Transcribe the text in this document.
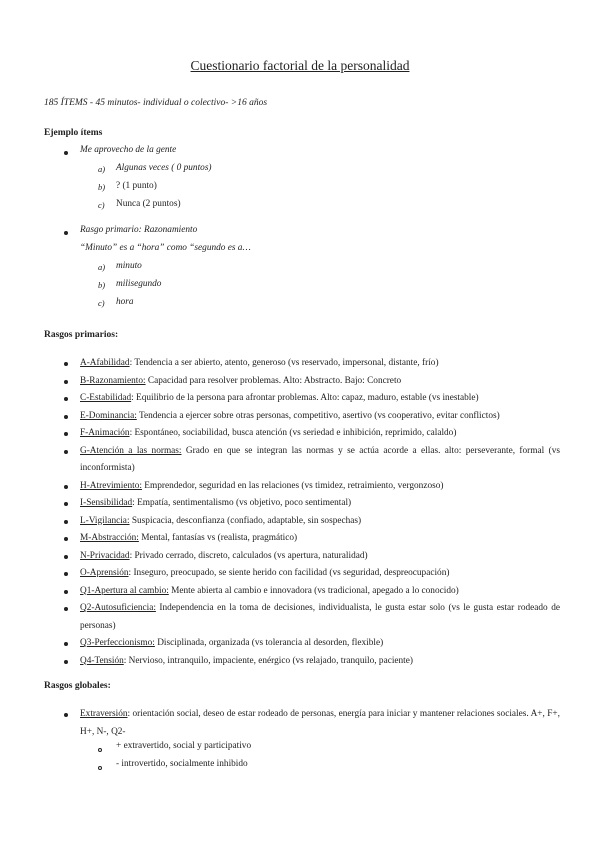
Cuestionario factorial de la personalidad
185 ÍTEMS - 45 minutos- individual o colectivo- >16 años
Ejemplo ítems
Me aprovecho de la gente
a) Algunas veces ( 0 puntos)
b) ? (1 punto)
c) Nunca (2 puntos)
Rasgo primario: Razonamiento
“Minuto” es a “hora” como “segundo es a…
a) minuto
b) milisegundo
c) hora
Rasgos primarios:
A-Afabilidad: Tendencia a ser abierto, atento, generoso (vs reservado, impersonal, distante, frío)
B-Razonamiento: Capacidad para resolver problemas. Alto: Abstracto. Bajo: Concreto
C-Estabilidad: Equilibrio de la persona para afrontar problemas. Alto: capaz, maduro, estable (vs inestable)
E-Dominancia: Tendencia a ejercer sobre otras personas, competitivo, asertivo (vs cooperativo, evitar conflictos)
F-Animación: Espontáneo, sociabilidad, busca atención (vs seriedad e inhibición, reprimido, calaldo)
G-Atención a las normas: Grado en que se integran las normas y se actúa acorde a ellas. alto: perseverante, formal (vs inconformista)
H-Atrevimiento: Emprendedor, seguridad en las relaciones (vs timidez, retraimiento, vergonzoso)
I-Sensibilidad: Empatía, sentimentalismo (vs objetivo, poco sentimental)
L-Vigilancia: Suspicacia, desconfianza (confiado, adaptable, sin sospechas)
M-Abstracción: Mental, fantasías vs (realista, pragmático)
N-Privacidad: Privado cerrado, discreto, calculados (vs apertura, naturalidad)
O-Aprensión: Inseguro, preocupado, se siente herido con facilidad (vs seguridad, despreocupación)
Q1-Apertura al cambio: Mente abierta al cambio e innovadora (vs tradicional, apegado a lo conocido)
Q2-Autosuficiencia: Independencia en la toma de decisiones, individualista, le gusta estar solo (vs le gusta estar rodeado de personas)
Q3-Perfeccionismo: Disciplinada, organizada (vs tolerancia al desorden, flexible)
Q4-Tensión: Nervioso, intranquilo, impaciente, enérgico (vs relajado, tranquilo, paciente)
Rasgos globales:
Extraversión: orientación social, deseo de estar rodeado de personas, energía para iniciar y mantener relaciones sociales. A+, F+, H+, N-, Q2-
+ extravertido, social y participativo
- introvertido, socialmente inhibido
